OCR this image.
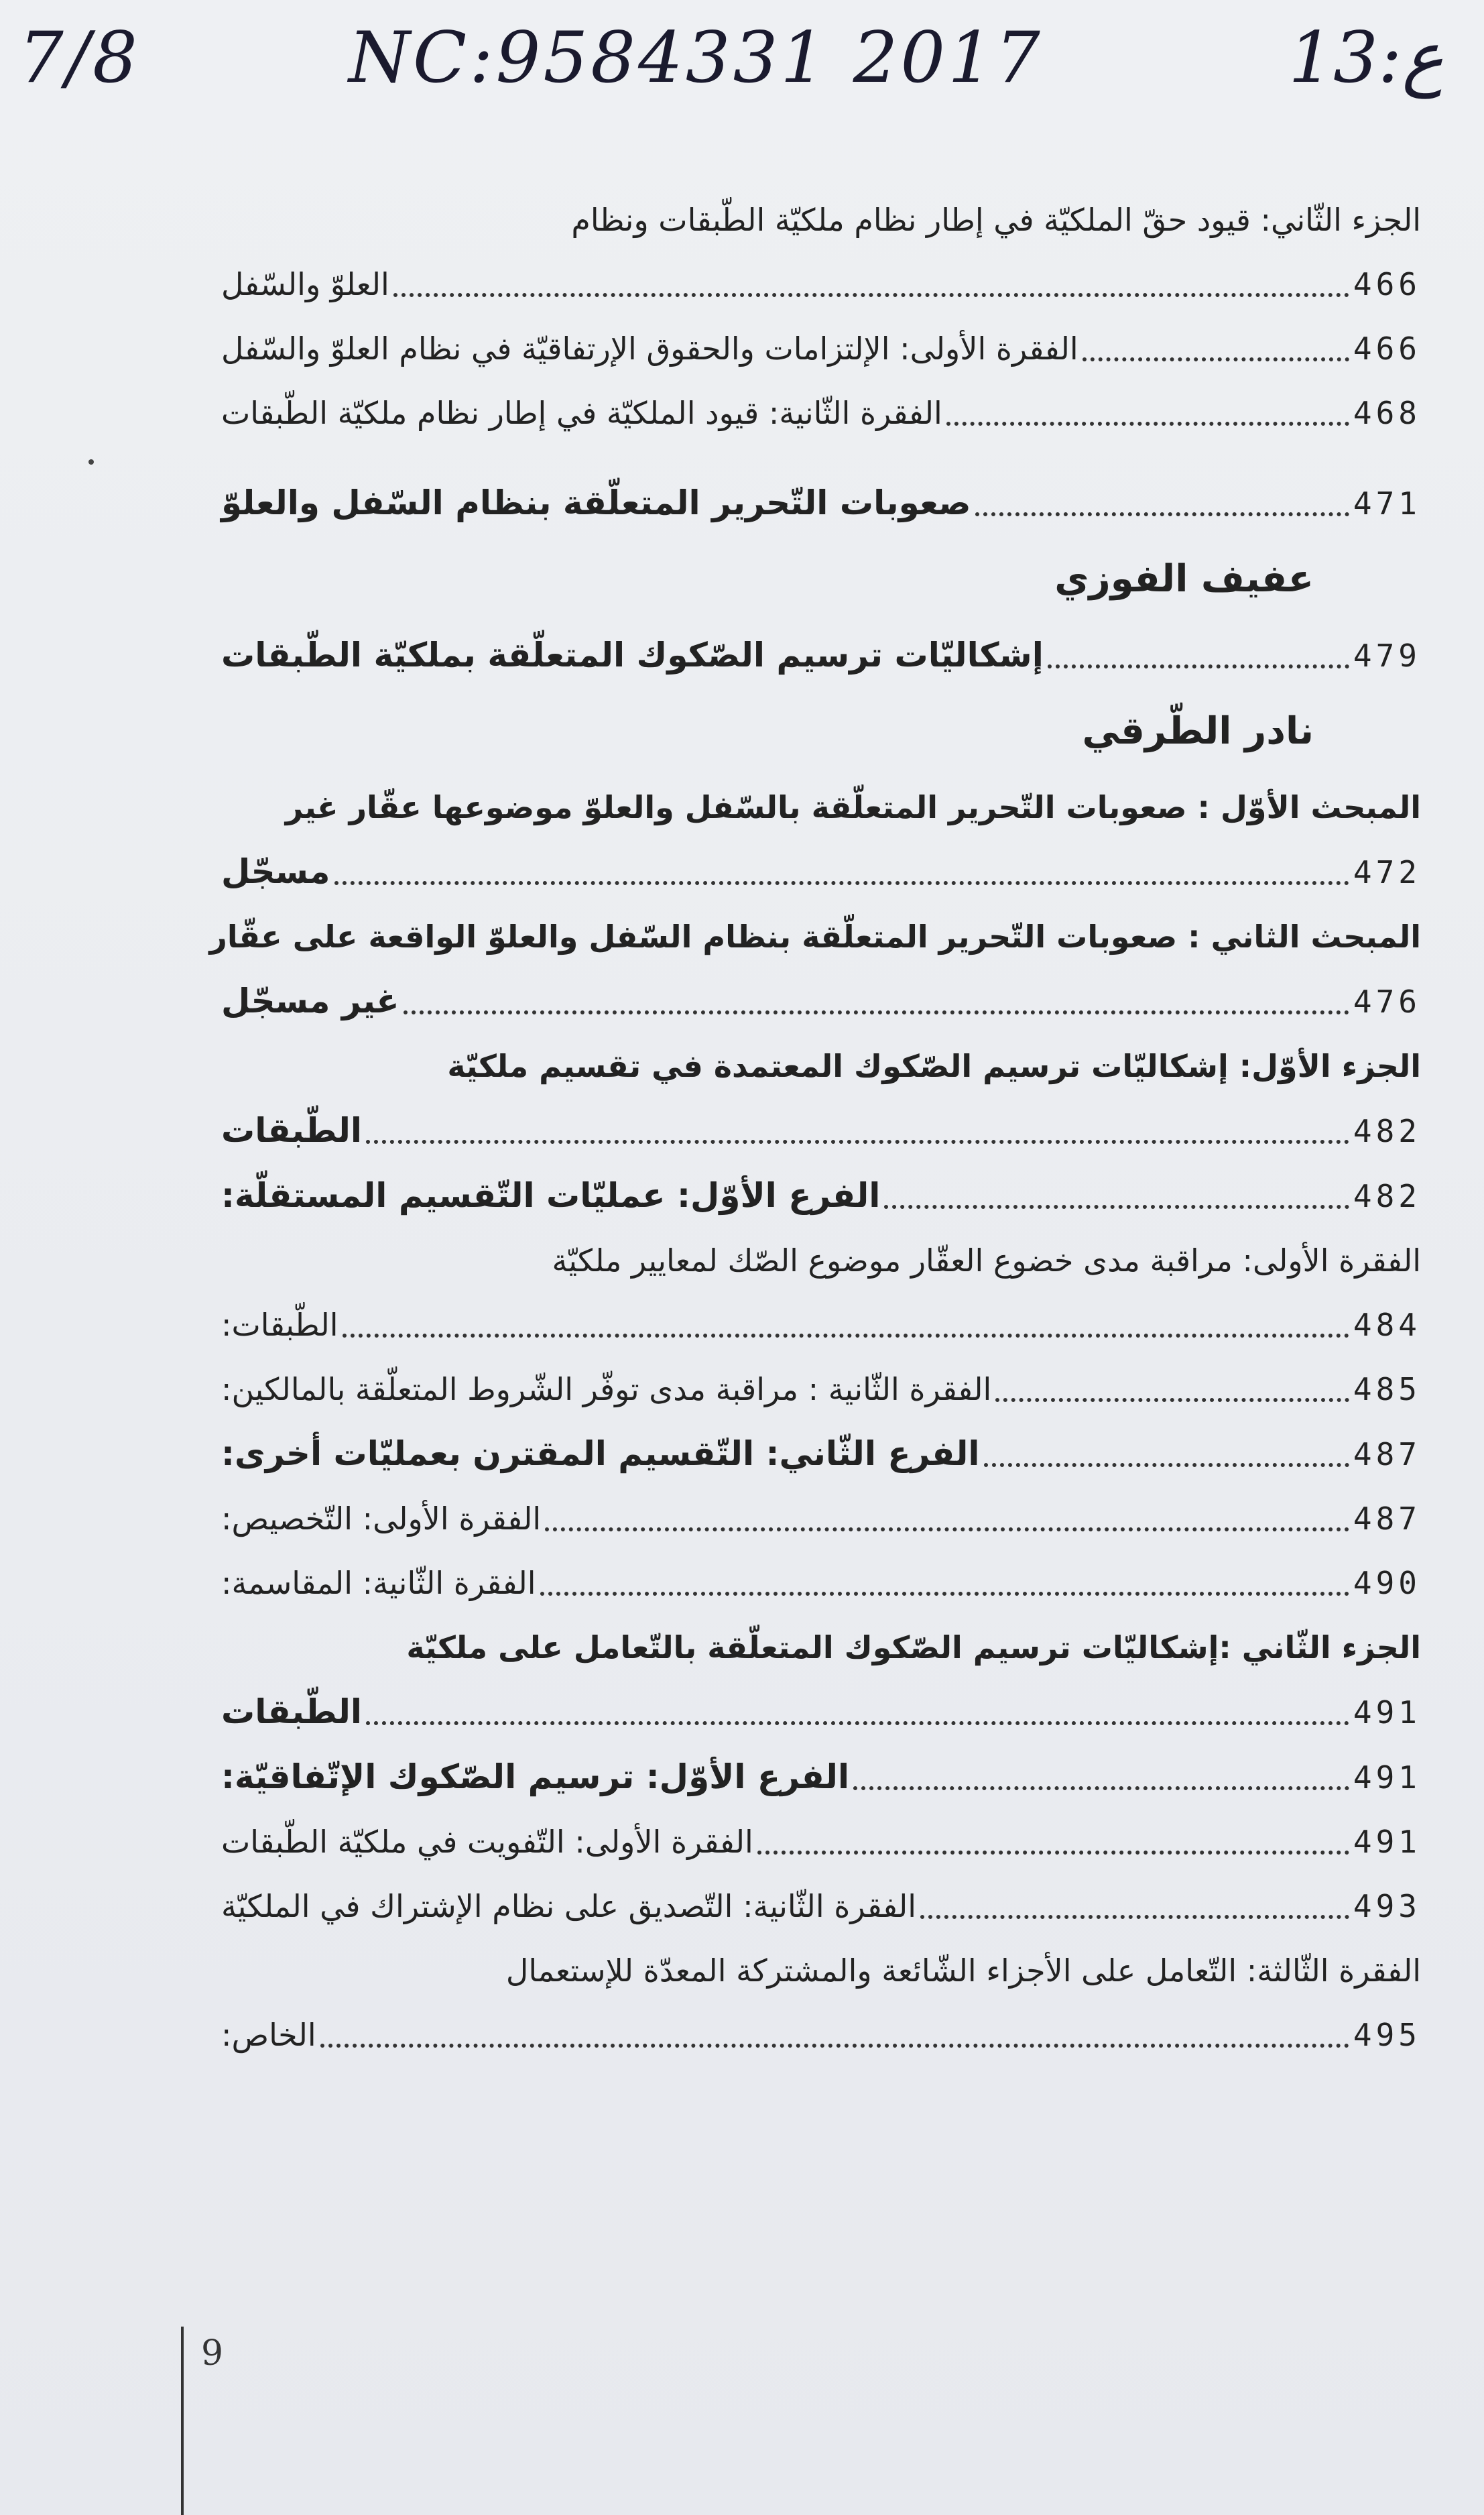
7/8	NC:9584331 2017	13:ع
الجزء الثّاني: قيود حقّ الملكيّة في إطار نظام ملكيّة الطّبقات ونظام
العلوّ والسّفل	466
الفقرة الأولى: الإلتزامات والحقوق الإرتفاقيّة في نظام العلوّ والسّفل	466
الفقرة الثّانية: قيود الملكيّة في إطار نظام ملكيّة الطّبقات	468
صعوبات التّحرير المتعلّقة بنظام السّفل والعلوّ	471
عفيف الفوزي
إشكاليّات ترسيم الصّكوك المتعلّقة بملكيّة الطّبقات	479
نادر الطّرقي
المبحث الأوّل : صعوبات التّحرير المتعلّقة بالسّفل والعلوّ موضوعها عقّار غير
مسجّل	472
المبحث الثاني : صعوبات التّحرير المتعلّقة بنظام السّفل والعلوّ الواقعة على عقّار
غير مسجّل	476
الجزء الأوّل: إشكاليّات ترسيم الصّكوك المعتمدة في تقسيم ملكيّة
الطّبقات	482
الفرع الأوّل: عمليّات التّقسيم المستقلّة:	482
الفقرة الأولى: مراقبة مدى خضوع العقّار موضوع الصّك لمعايير ملكيّة
الطّبقات:	484
الفقرة الثّانية : مراقبة مدى توفّر الشّروط المتعلّقة بالمالكين:	485
الفرع الثّاني: التّقسيم المقترن بعمليّات أخرى:	487
الفقرة الأولى: التّخصيص:	487
الفقرة الثّانية: المقاسمة:	490
الجزء الثّاني :إشكاليّات ترسيم الصّكوك المتعلّقة بالتّعامل على ملكيّة
الطّبقات	491
الفرع الأوّل: ترسيم الصّكوك الإتّفاقيّة:	491
الفقرة الأولى: التّفويت في ملكيّة الطّبقات	491
الفقرة الثّانية: التّصديق على نظام الإشتراك في الملكيّة	493
الفقرة الثّالثة: التّعامل على الأجزاء الشّائعة والمشتركة المعدّة للإستعمال
الخاص:	495
9
